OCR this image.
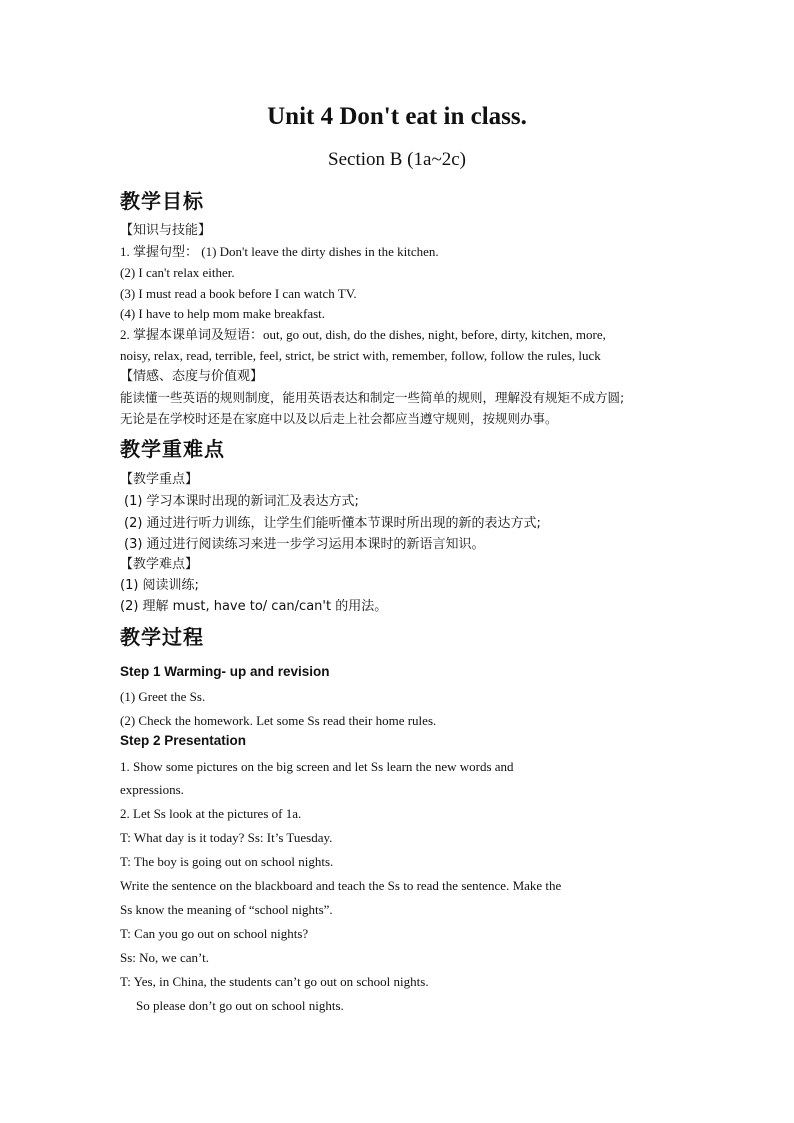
Unit 4 Don't eat in class.
Section B (1a~2c)
教学目标
【知识与技能】
1. 掌握句型： (1) Don't leave the dirty dishes in the kitchen.
(2) I can't relax either.
(3) I must read a book before I can watch TV.
(4) I have to help mom make breakfast.
2. 掌握本课单词及短语：out, go out, dish, do the dishes, night, before, dirty, kitchen, more,
noisy, relax, read, terrible, feel, strict, be strict with, remember, follow, follow the rules, luck
【情感、态度与价值观】
能读懂一些英语的规则制度，能用英语表达和制定一些简单的规则，理解没有规矩不成方圆;
无论是在学校时还是在家庭中以及以后走上社会都应当遵守规则，按规则办事。
教学重难点
【教学重点】
(1) 学习本课时出现的新词汇及表达方式;
(2) 通过进行听力训练，让学生们能听懂本节课时所出现的新的表达方式;
(3) 通过进行阅读练习来进一步学习运用本课时的新语言知识。
【教学难点】
(1) 阅读训练;
(2) 理解 must, have to/ can/can't 的用法。
教学过程
Step 1 Warming- up and revision
(1) Greet the Ss.
(2) Check the homework. Let some Ss read their home rules.
Step 2 Presentation
1. Show some pictures on the big screen and let Ss learn the new words and
expressions.
2. Let Ss look at the pictures of 1a.
T: What day is it today? Ss: It’s Tuesday.
T: The boy is going out on school nights.
Write the sentence on the blackboard and teach the Ss to read the sentence. Make the
Ss know the meaning of “school nights”.
T: Can you go out on school nights?
Ss: No, we can’t.
T: Yes, in China, the students can’t go out on school nights.
So please don’t go out on school nights.
